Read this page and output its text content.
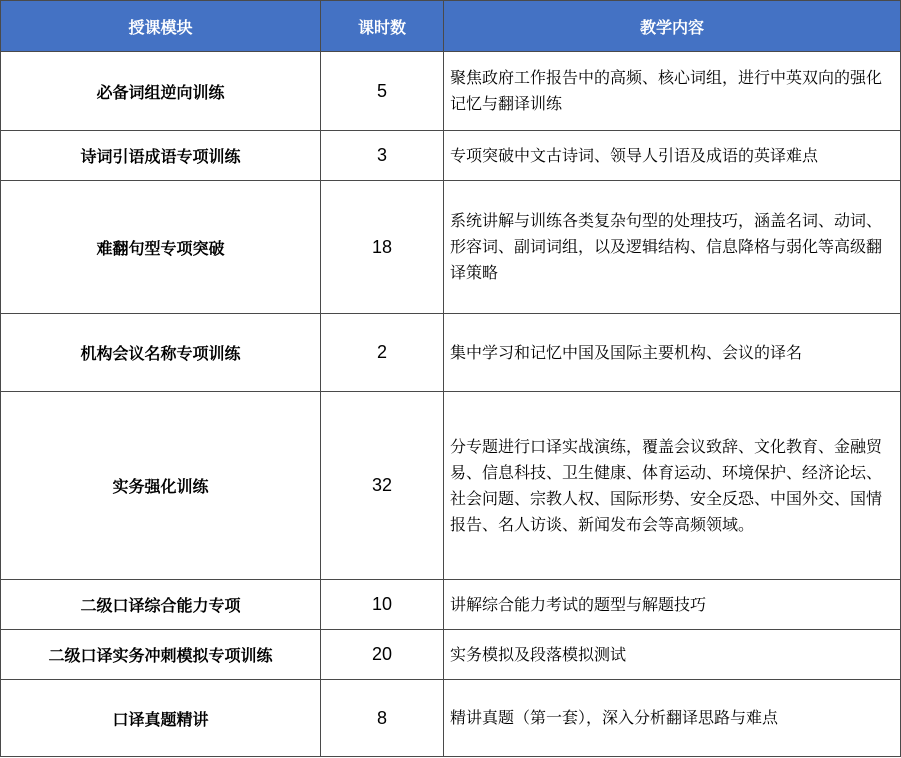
授课模块	课时数	教学内容
必备词组逆向训练	5	聚焦政府工作报告中的高频、核心词组，进行中英双向的强化记忆与翻译训练
诗词引语成语专项训练	3	专项突破中文古诗词、领导人引语及成语的英译难点
难翻句型专项突破	18	系统讲解与训练各类复杂句型的处理技巧，涵盖名词、动词、形容词、副词词组，以及逻辑结构、信息降格与弱化等高级翻译策略
机构会议名称专项训练	2	集中学习和记忆中国及国际主要机构、会议的译名
实务强化训练	32	分专题进行口译实战演练，覆盖会议致辞、文化教育、金融贸易、信息科技、卫生健康、体育运动、环境保护、经济论坛、社会问题、宗教人权、国际形势、安全反恐、中国外交、国情报告、名人访谈、新闻发布会等高频领域。
二级口译综合能力专项	10	讲解综合能力考试的题型与解题技巧
二级口译实务冲刺模拟专项训练	20	实务模拟及段落模拟测试
口译真题精讲	8	精讲真题（第一套），深入分析翻译思路与难点
